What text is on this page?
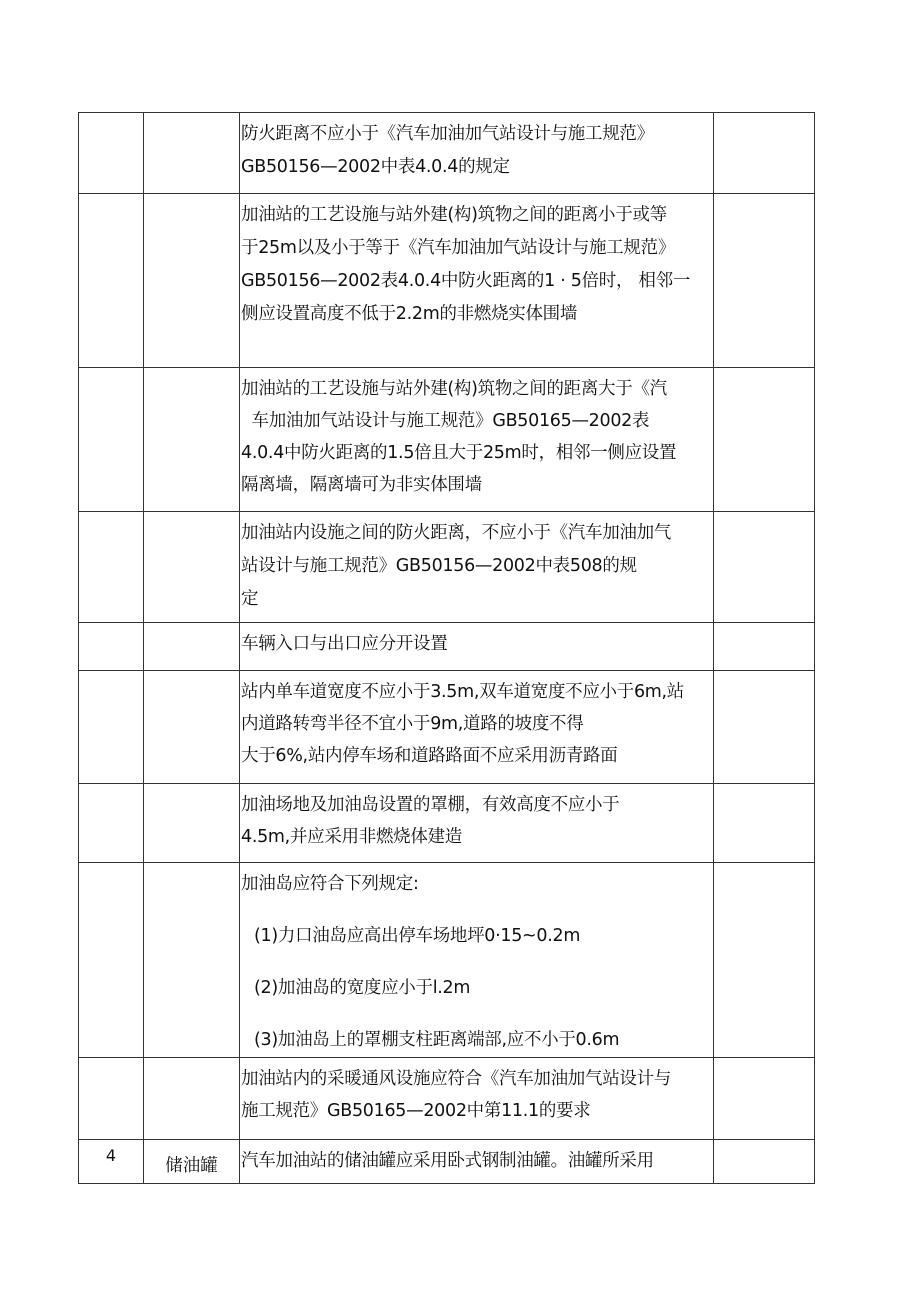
		防火距离不应小于《汽车加油加气站设计与施工规范》
GB50156—2002中表4.0.4的规定	

		加油站的工艺设施与站外建(构)筑物之间的距离小于或等
于25m以及小于等于《汽车加油加气站设计与施工规范》
GB50156—2002表4.0.4中防火距离的1 · 5倍时， 相邻一
侧应设置高度不低于2.2m的非燃烧实体围墙	

		加油站的工艺设施与站外建(构)筑物之间的距离大于《汽
车加油加气站设计与施工规范》GB50165—2002表
4.0.4中防火距离的1.5倍且大于25m时，相邻一侧应设置
隔离墙，隔离墙可为非实体围墙	

		加油站内设施之间的防火距离，不应小于《汽车加油加气
站设计与施工规范》GB50156—2002中表508的规
定	

		车辆入口与出口应分开设置	

		站内单车道宽度不应小于3.5m,双车道宽度不应小于6m,站
内道路转弯半径不宜小于9m,道路的坡度不得
大于6%,站内停车场和道路路面不应采用沥青路面	

		加油场地及加油岛设置的罩棚，有效高度不应小于
4.5m,并应采用非燃烧体建造	

		加油岛应符合下列规定:
(1)力口油岛应高出停车场地坪0·15~0.2m
(2)加油岛的宽度应小于l.2m
(3)加油岛上的罩棚支柱距离端部,应不小于0.6m	

		加油站内的采暖通风设施应符合《汽车加油加气站设计与
施工规范》GB50165—2002中第11.1的要求	

4	储油罐	汽车加油站的储油罐应采用卧式钢制油罐。油罐所采用	
